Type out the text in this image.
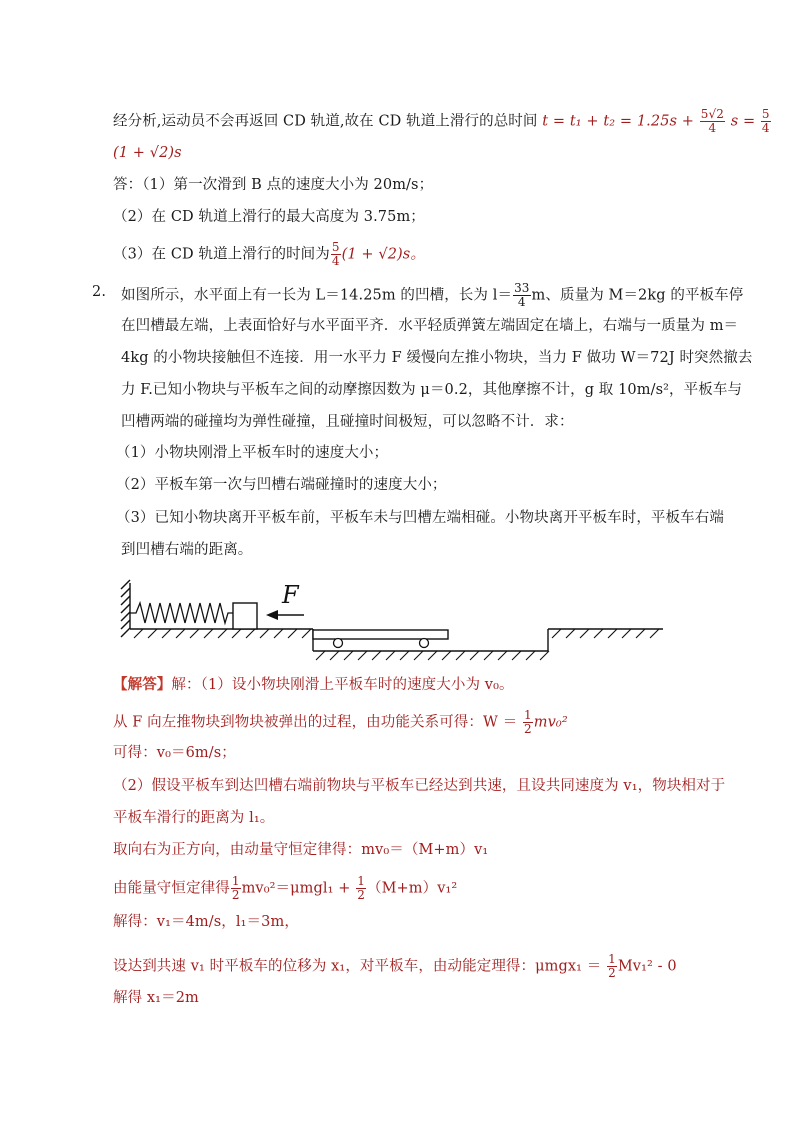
经分析,运动员不会再返回 CD 轨道,故在 CD 轨道上滑行的总时间 $t = t_1 + t_2 = 1.25s + \frac{5√2}{4}$ $s = \frac{5}{4}$
(1 + √2)s
答：（1）第一次滑到 B 点的速度大小为 20m/s；
（2）在 CD 轨道上滑行的最大高度为 3.75m；
（3）在 CD 轨道上滑行的时间为 $\frac{5}{4} (1 + √2)s$。
2. 如图所示，水平面上有一长为 L＝14.25m 的凹槽，长为 $l= \frac{33}{4}$ m、质量为 M＝2kg 的平板车停
在凹槽最左端，上表面恰好与水平面平齐．水平轻质弹簧左端固定在墙上，右端与一质量为 m＝
4kg 的小物块接触但不连接．用一水平力 F 缓慢向左推小物块，当力 F 做功 W＝72J 时突然撤去
力 F.已知小物块与平板车之间的动摩擦因数为 μ＝0.2，其他摩擦不计，g 取 10m/s²，平板车与
凹槽两端的碰撞均为弹性碰撞，且碰撞时间极短，可以忽略不计．求：
（1）小物块刚滑上平板车时的速度大小；
（2）平板车第一次与凹槽右端碰撞时的速度大小；
（3）已知小物块离开平板车前，平板车未与凹槽左端相碰。小物块离开平板车时，平板车右端
到凹槽右端的距离。
F
【解答】解：（1）设小物块刚滑上平板车时的速度大小为 v₀。
从 F 向左推物块到物块被弹出的过程，由功能关系可得：$W = \frac{1}{2} mv_0^2$
可得：v₀＝6m/s；
（2）假设平板车到达凹槽右端前物块与平板车已经达到共速，且设共同速度为 v₁，物块相对于
平板车滑行的距离为 l₁。
取向右为正方向，由动量守恒定律得：mv₀＝（M+m）v₁
由能量守恒定律得 $\frac{1}{2} mv_0^2=\mu mgl_1 + \frac{1}{2} (M+m)v_1^2$
解得：v₁＝4m/s，l₁＝3m，
设达到共速 v₁ 时平板车的位移为 x₁，对平板车，由动能定理得：$\mu mgx_1 = \frac{1}{2} Mv_1^2 - 0$
解得 x₁＝2m
